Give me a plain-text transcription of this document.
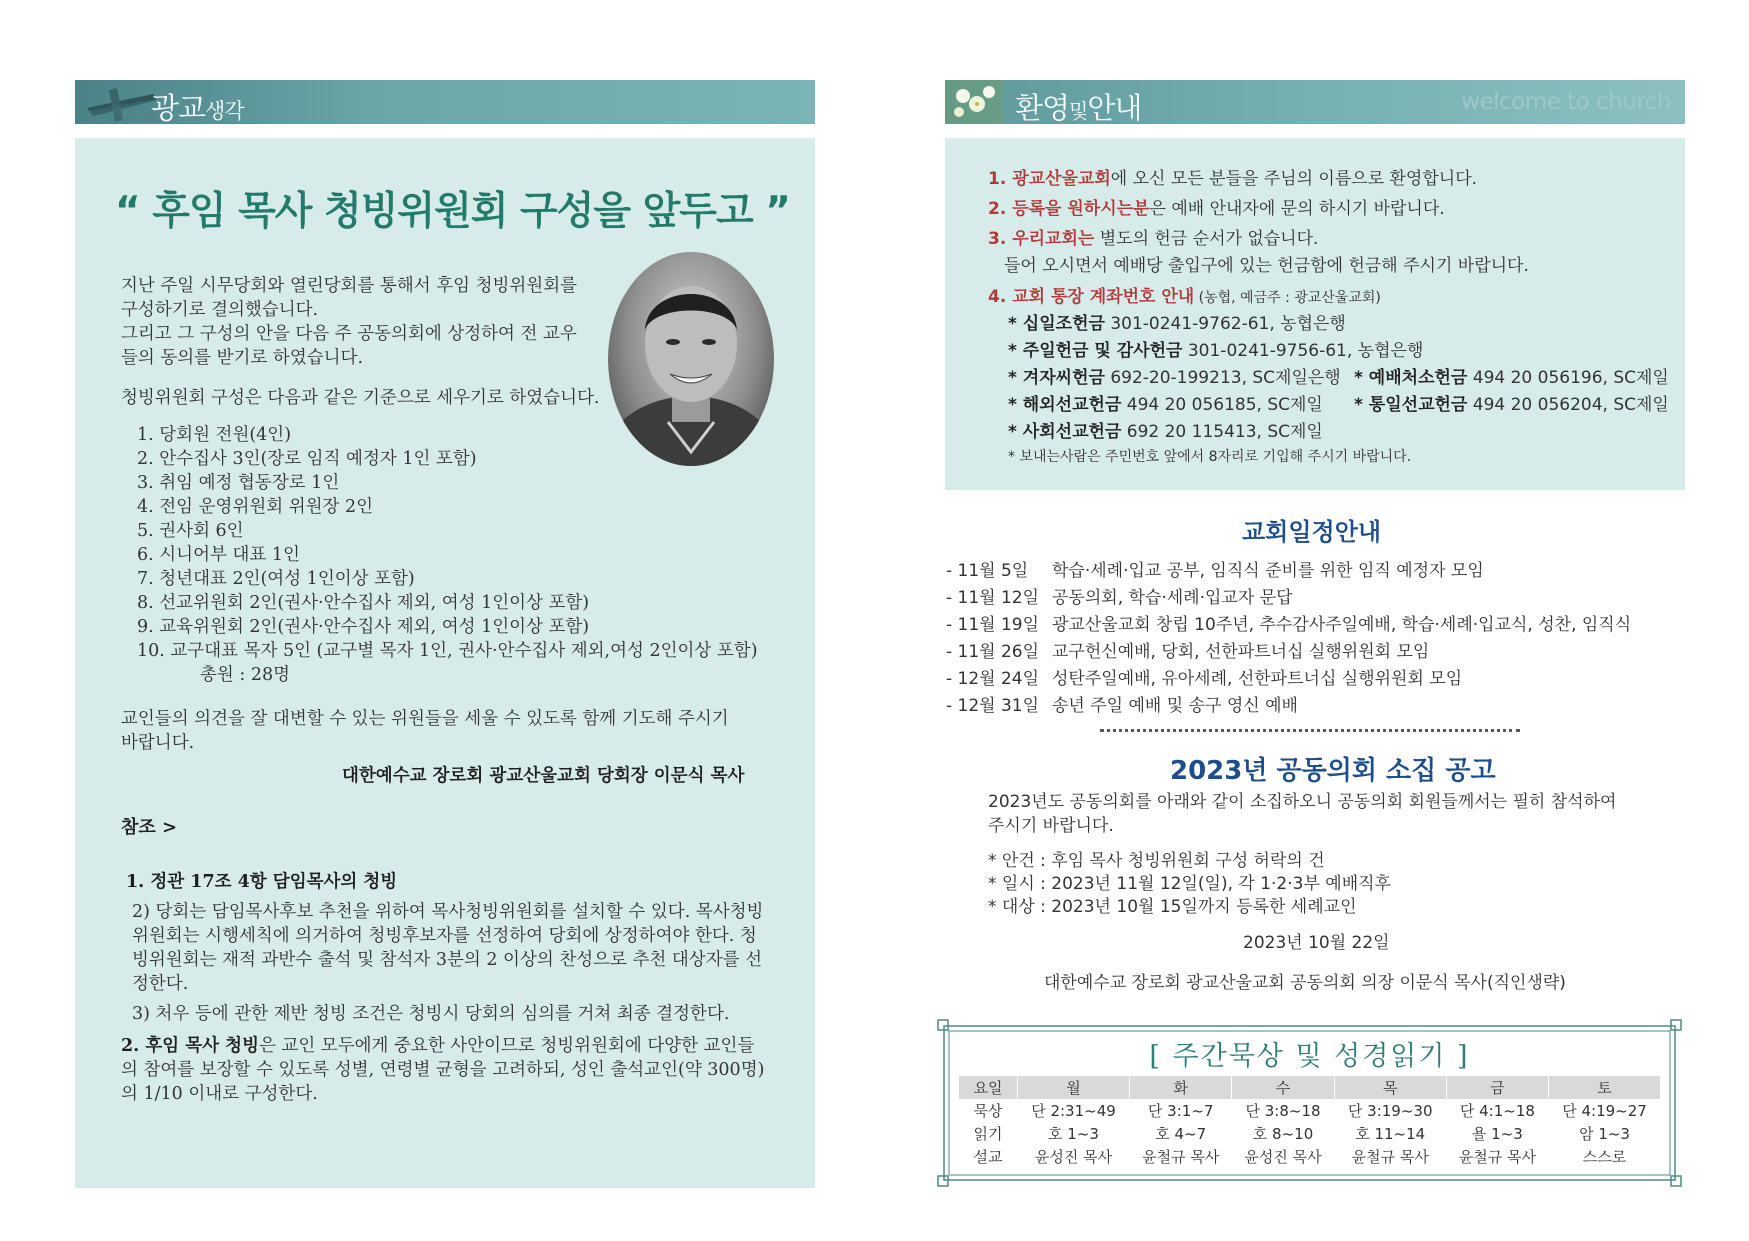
광교생각
“ 후임 목사 청빙위원회 구성을 앞두고 ”
지난 주일 시무당회와 열린당회를 통해서 후임 청빙위원회를
구성하기로 결의했습니다.
그리고 그 구성의 안을 다음 주 공동의회에 상정하여 전 교우
들의 동의를 받기로 하였습니다.
청빙위원회 구성은 다음과 같은 기준으로 세우기로 하였습니다.

1. 당회원 전원(4인)

2. 안수집사 3인(장로 임직 예정자 1인 포함)

3. 취임 예정 협동장로 1인

4. 전임 운영위원회 위원장 2인

5. 권사회 6인

6. 시니어부 대표 1인

7. 청년대표 2인(여성 1인이상 포함)

8. 선교위원회 2인(권사·안수집사 제외, 여성 1인이상 포함)

9. 교육위원회 2인(권사·안수집사 제외, 여성 1인이상 포함)

10. 교구대표 목자 5인 (교구별 목자 1인, 권사·안수집사 제외,여성 2인이상 포함)

총원 : 28명

교인들의 의견을 잘 대변할 수 있는 위원들을 세울 수 있도록 함께 기도해 주시기
바랍니다.
대한예수교 장로회 광교산울교회 당회장 이문식 목사
참조 >
1. 정관 17조 4항 담임목사의 청빙
2) 당회는 담임목사후보 추천을 위하여 목사청빙위원회를 설치할 수 있다. 목사청빙
위원회는 시행세칙에 의거하여 청빙후보자를 선정하여 당회에 상정하여야 한다. 청
빙위원회는 재적 과반수 출석 및 참석자 3분의 2 이상의 찬성으로 추천 대상자를 선
정한다.
3) 처우 등에 관한 제반 청빙 조건은 청빙시 당회의 심의를 거쳐 최종 결정한다.
2. 후임 목사 청빙은 교인 모두에게 중요한 사안이므로 청빙위원회에 다양한 교인들
의 참여를 보장할 수 있도록 성별, 연령별 균형을 고려하되, 성인 출석교인(약 300명)
의 1/10 이내로 구성한다.
환영및안내	welcome to church
1. 광교산울교회에 오신 모든 분들을 주님의 이름으로 환영합니다.
2. 등록을 원하시는분은 예배 안내자에 문의 하시기 바랍니다.
3. 우리교회는 별도의 헌금 순서가 없습니다.
들어 오시면서 예배당 출입구에 있는 헌금함에 헌금해 주시기 바랍니다.
4. 교회 통장 계좌번호 안내 (농협, 예금주 : 광교산울교회)
* 십일조헌금 301-0241-9762-61, 농협은행
* 주일헌금 및 감사헌금 301-0241-9756-61, 농협은행
* 겨자씨헌금 692-20-199213, SC제일은행 * 예배처소헌금 494 20 056196, SC제일
* 해외선교헌금 494 20 056185, SC제일 * 통일선교헌금 494 20 056204, SC제일
* 사회선교헌금 692 20 115413, SC제일
* 보내는사람은 주민번호 앞에서 8자리로 기입해 주시기 바랍니다.
교회일정안내
- 11월 5일 학습·세례·입교 공부, 임직식 준비를 위한 임직 예정자 모임
- 11월 12일 공동의회, 학습·세례·입교자 문답
- 11월 19일 광교산울교회 창립 10주년, 추수감사주일예배, 학습·세례·입교식, 성찬, 임직식
- 11월 26일 교구헌신예배, 당회, 선한파트너십 실행위원회 모임
- 12월 24일 성탄주일예배, 유아세례, 선한파트너십 실행위원회 모임
- 12월 31일 송년 주일 예배 및 송구 영신 예배
2023년 공동의회 소집 공고
2023년도 공동의회를 아래와 같이 소집하오니 공동의회 회원들께서는 필히 참석하여
주시기 바랍니다.
* 안건 : 후임 목사 청빙위원회 구성 허락의 건
* 일시 : 2023년 11월 12일(일), 각 1·2·3부 예배직후
* 대상 : 2023년 10월 15일까지 등록한 세례교인
2023년 10월 22일
대한예수교 장로회 광교산울교회 공동의회 의장 이문식 목사(직인생략)
[ 주간묵상 및 성경읽기 ]
요일	월	화	수	목	금	토
묵상	단 2:31~49	단 3:1~7	단 3:8~18	단 3:19~30	단 4:1~18	단 4:19~27
읽기	호 1~3	호 4~7	호 8~10	호 11~14	욜 1~3	암 1~3
설교	윤성진 목사	윤철규 목사	윤성진 목사	윤철규 목사	윤철규 목사	스스로
